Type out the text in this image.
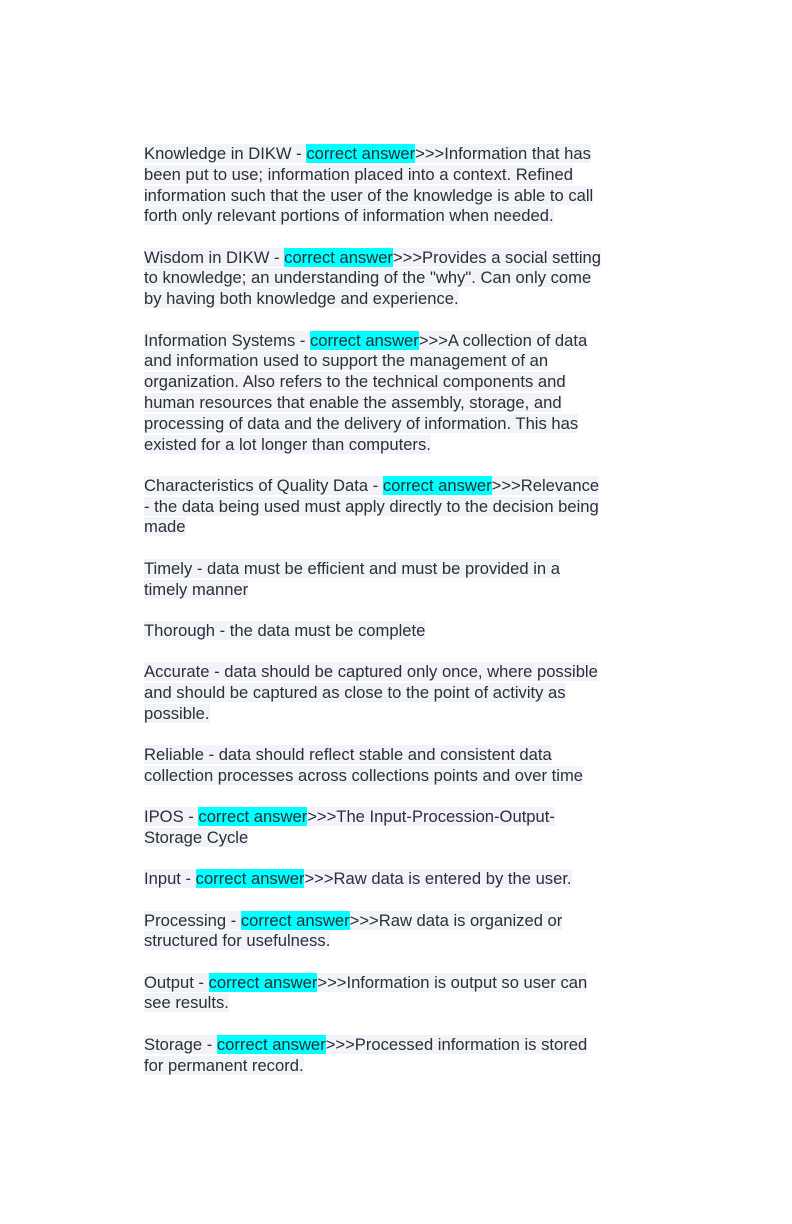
Knowledge in DIKW - correct answer>>>Information that has
been put to use; information placed into a context. Refined
information such that the user of the knowledge is able to call
forth only relevant portions of information when needed.
Wisdom in DIKW - correct answer>>>Provides a social setting
to knowledge; an understanding of the "why". Can only come
by having both knowledge and experience.
Information Systems - correct answer>>>A collection of data
and information used to support the management of an
organization. Also refers to the technical components and
human resources that enable the assembly, storage, and
processing of data and the delivery of information. This has
existed for a lot longer than computers.
Characteristics of Quality Data - correct answer>>>Relevance
- the data being used must apply directly to the decision being
made
Timely - data must be efficient and must be provided in a
timely manner
Thorough - the data must be complete
Accurate - data should be captured only once, where possible
and should be captured as close to the point of activity as
possible.
Reliable - data should reflect stable and consistent data
collection processes across collections points and over time
IPOS - correct answer>>>The Input-Procession-Output-
Storage Cycle
Input - correct answer>>>Raw data is entered by the user.
Processing - correct answer>>>Raw data is organized or
structured for usefulness.
Output - correct answer>>>Information is output so user can
see results.
Storage - correct answer>>>Processed information is stored
for permanent record.
